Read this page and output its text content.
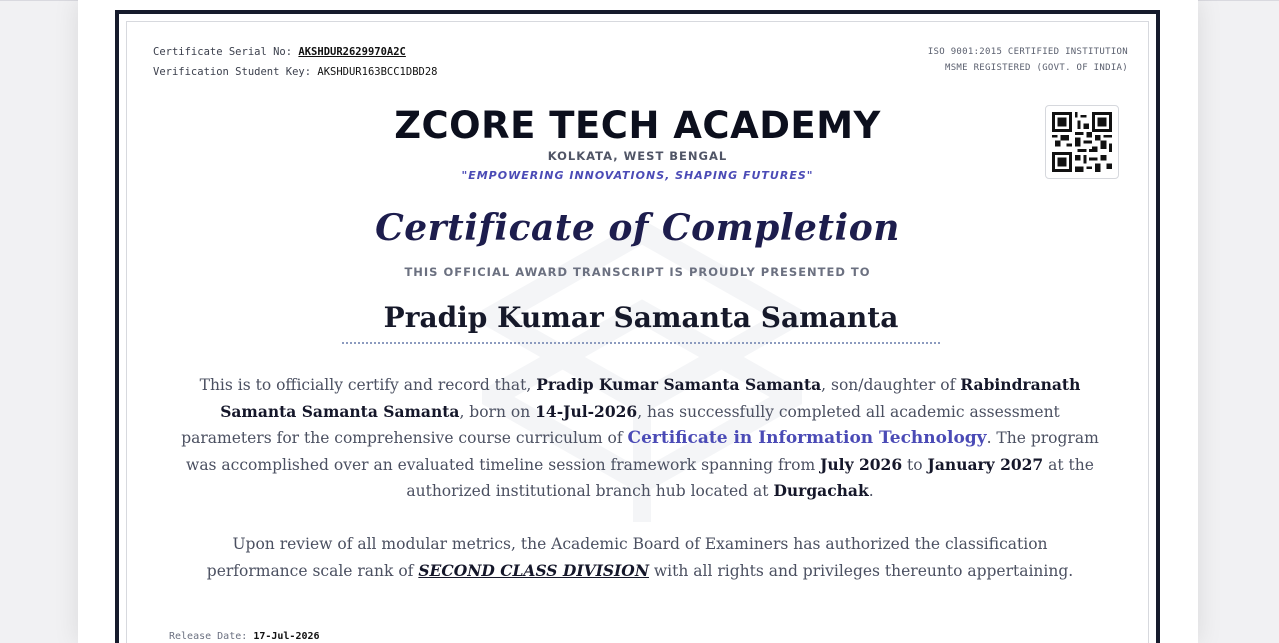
Certificate Serial No: AKSHDUR2629970A2C
Verification Student Key: AKSHDUR163BCC1DBD28
ISO 9001:2015 CERTIFIED INSTITUTION
MSME REGISTERED (GOVT. OF INDIA)
ZCORE TECH ACADEMY
KOLKATA, WEST BENGAL
"EMPOWERING INNOVATIONS, SHAPING FUTURES"
Certificate of Completion
THIS OFFICIAL AWARD TRANSCRIPT IS PROUDLY PRESENTED TO
Pradip Kumar Samanta Samanta
This is to officially certify and record that, Pradip Kumar Samanta Samanta, son/daughter of Rabindranath Samanta Samanta Samanta, born on 14-Jul-2026, has successfully completed all academic assessment parameters for the comprehensive course curriculum of Certificate in Information Technology. The program was accomplished over an evaluated timeline session framework spanning from July 2026 to January 2027 at the authorized institutional branch hub located at Durgachak.
Upon review of all modular metrics, the Academic Board of Examiners has authorized the classification performance scale rank of SECOND CLASS DIVISION with all rights and privileges thereunto appertaining.
Release Date: 17-Jul-2026
